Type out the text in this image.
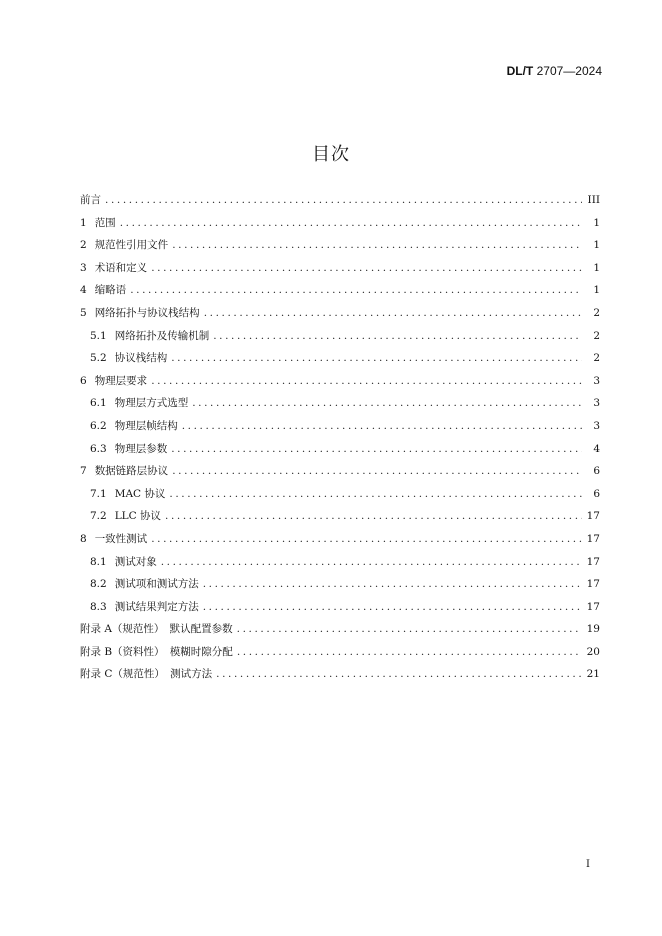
DL/T 2707—2024
目次
前言 .....	III
1 范围 .....	1
2 规范性引用文件 .....	1
3 术语和定义 .....	1
4 缩略语 .....	1
5 网络拓扑与协议栈结构 .....	2
5.1 网络拓扑及传输机制 .....	2
5.2 协议栈结构 .....	2
6 物理层要求 .....	3
6.1 物理层方式选型 .....	3
6.2 物理层帧结构 .....	3
6.3 物理层参数 .....	4
7 数据链路层协议 .....	6
7.1 MAC 协议 .....	6
7.2 LLC 协议 .....	17
8 一致性测试 .....	17
8.1 测试对象 .....	17
8.2 测试项和测试方法 .....	17
8.3 测试结果判定方法 .....	17
附录 A（规范性）　默认配置参数 .....	19
附录 B（资料性）　模糊时隙分配 .....	20
附录 C（规范性）　测试方法 .....	21
I
